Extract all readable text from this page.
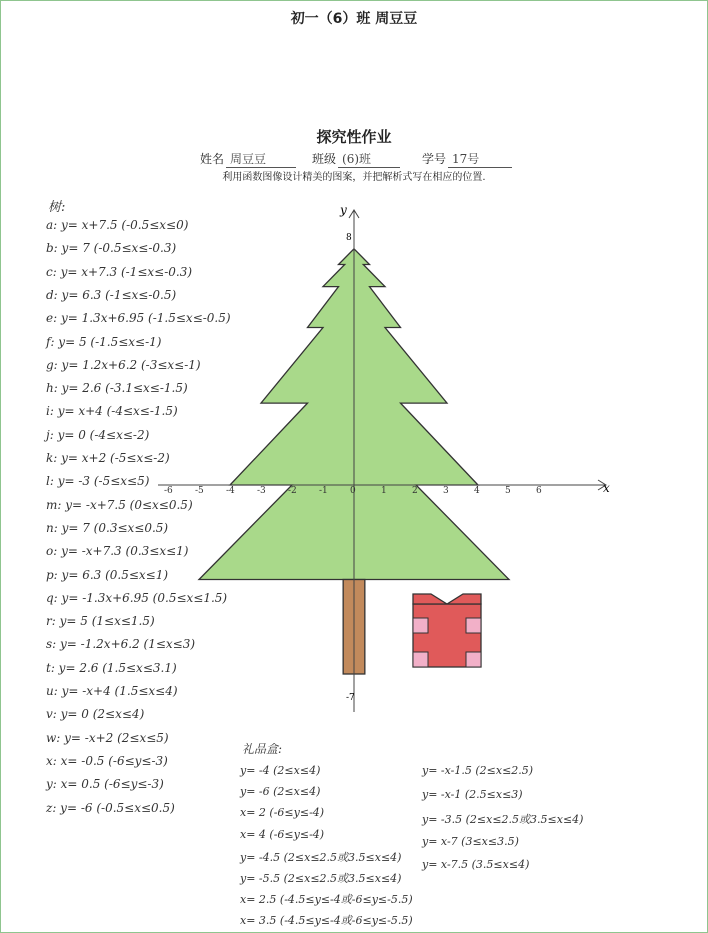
初一（6）班 周豆豆
探究性作业
姓名 周豆豆	班级 (6)班	学号 17号
利用函数图像设计精美的图案，并把解析式写在相应的位置.
树:
a: y= x+7.5 (-0.5≤x≤0)
b: y= 7 (-0.5≤x≤-0.3)
c: y= x+7.3 (-1≤x≤-0.3)
d: y= 6.3 (-1≤x≤-0.5)
e: y= 1.3x+6.95 (-1.5≤x≤-0.5)
f: y= 5 (-1.5≤x≤-1)
g: y= 1.2x+6.2 (-3≤x≤-1)
h: y= 2.6 (-3.1≤x≤-1.5)
i: y= x+4 (-4≤x≤-1.5)
j: y= 0 (-4≤x≤-2)
k: y= x+2 (-5≤x≤-2)
l: y= -3 (-5≤x≤5)
m: y= -x+7.5 (0≤x≤0.5)
n: y= 7 (0.3≤x≤0.5)
o: y= -x+7.3 (0.3≤x≤1)
p: y= 6.3 (0.5≤x≤1)
q: y= -1.3x+6.95 (0.5≤x≤1.5)
r: y= 5 (1≤x≤1.5)
s: y= -1.2x+6.2 (1≤x≤3)
t: y= 2.6 (1.5≤x≤3.1)
u: y= -x+4 (1.5≤x≤4)
v: y= 0 (2≤x≤4)
w: y= -x+2 (2≤x≤5)
x: x= -0.5 (-6≤y≤-3)
y: x= 0.5 (-6≤y≤-3)
z: y= -6 (-0.5≤x≤0.5)
礼品盒:
y= -4 (2≤x≤4)
y= -6 (2≤x≤4)
x= 2 (-6≤y≤-4)
x= 4 (-6≤y≤-4)
y= -4.5 (2≤x≤2.5或3.5≤x≤4)
y= -5.5 (2≤x≤2.5或3.5≤x≤4)
x= 2.5 (-4.5≤y≤-4或-6≤y≤-5.5)
x= 3.5 (-4.5≤y≤-4或-6≤y≤-5.5)
y= -x-1.5 (2≤x≤2.5)
y= -x-1 (2.5≤x≤3)
y= -3.5 (2≤x≤2.5或3.5≤x≤4)
y= x-7 (3≤x≤3.5)
y= x-7.5 (3.5≤x≤4)
x
y
-6 -5 -4 -3 -2 -1 0	1	2	3	4	5	6
8
-7
